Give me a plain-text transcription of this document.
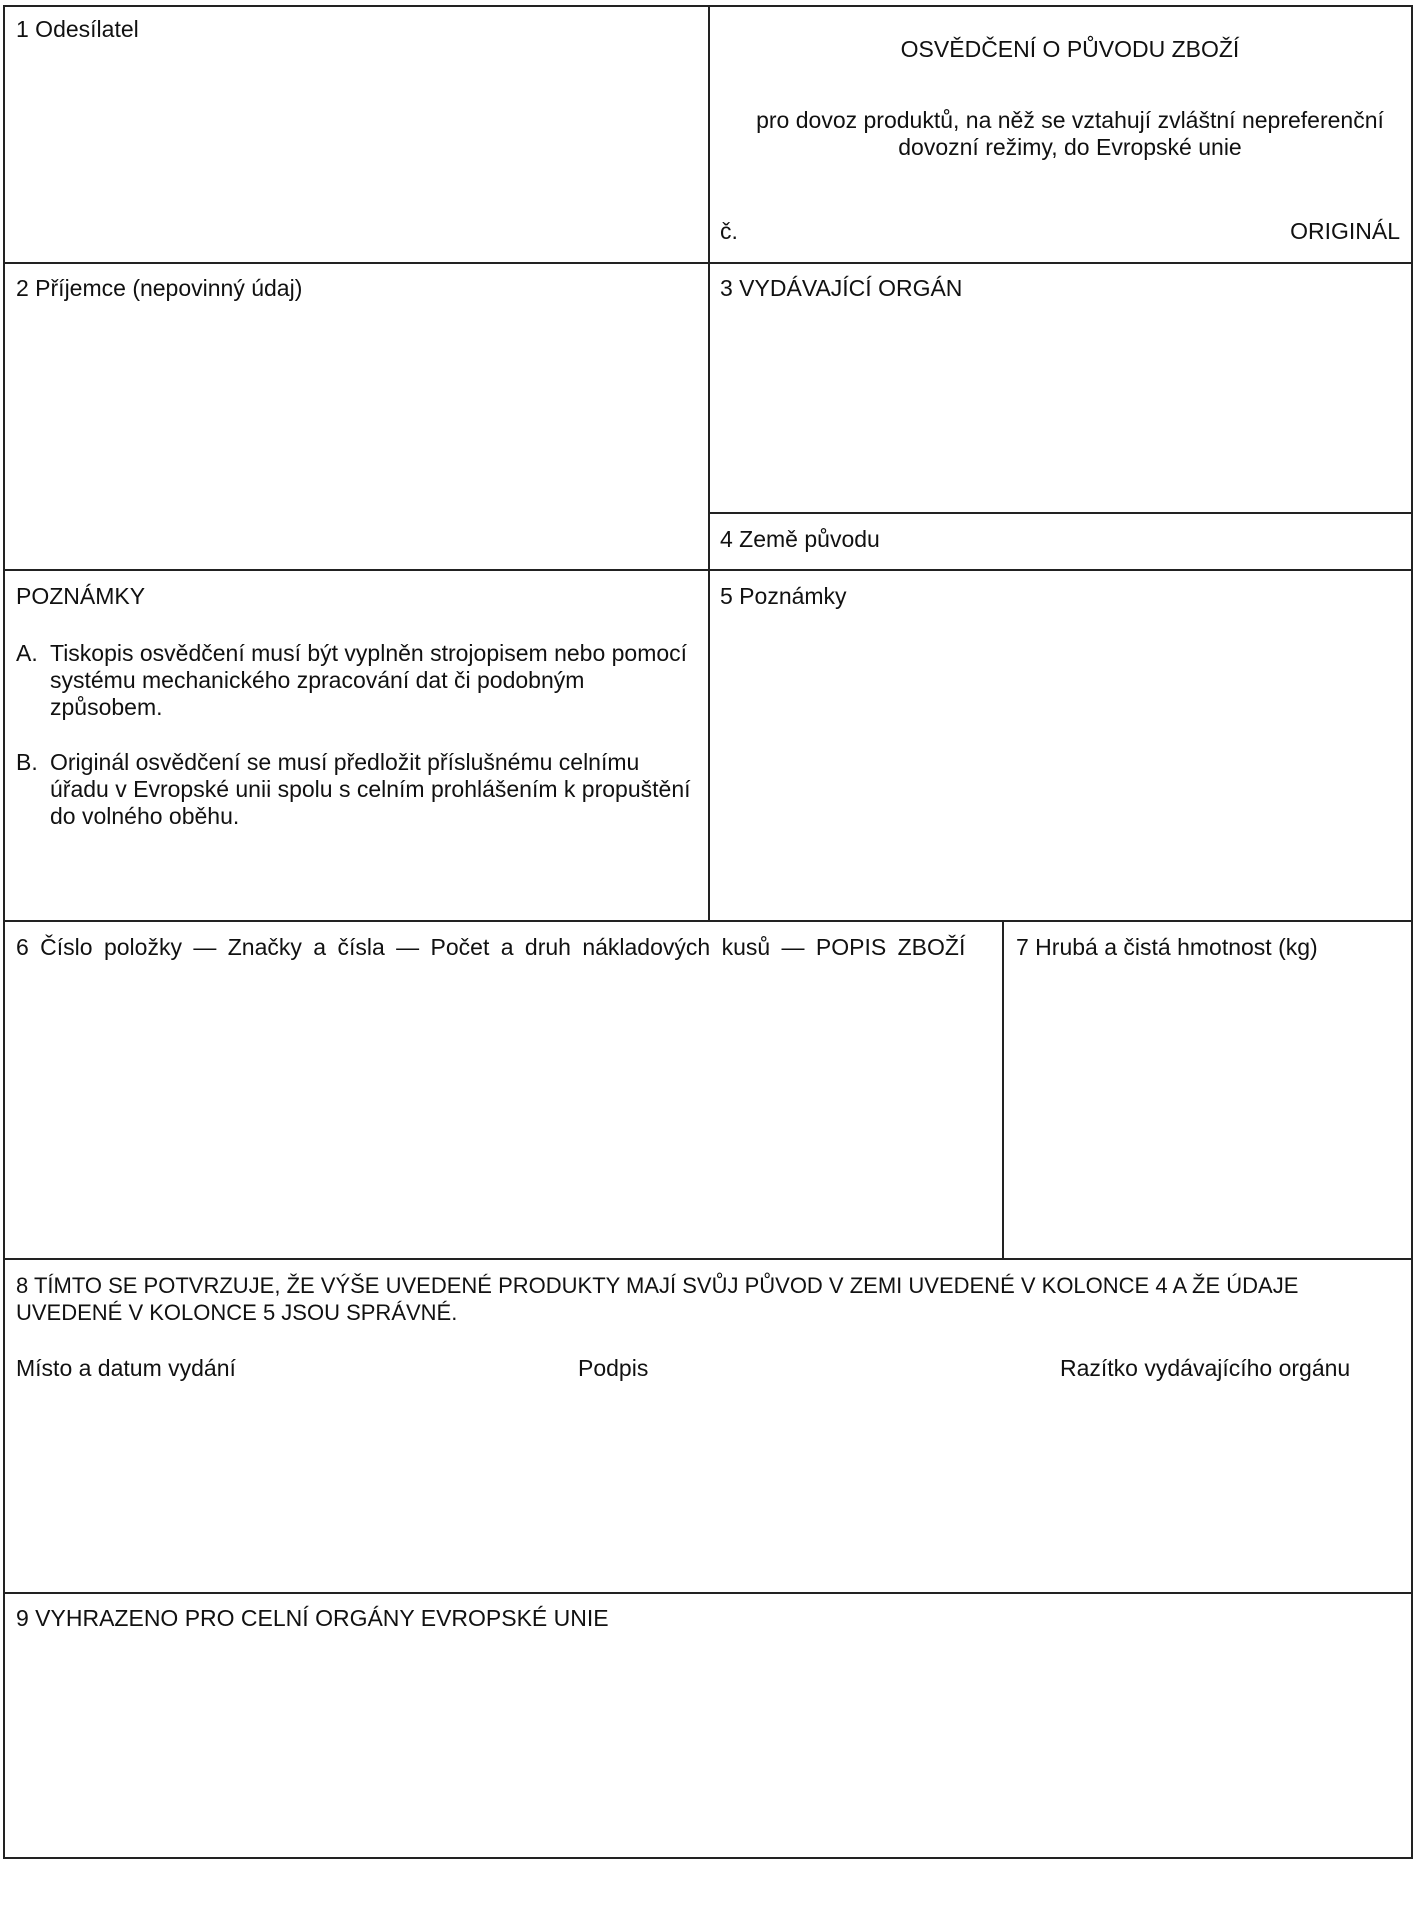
1 Odesílatel
OSVĚDČENÍ O PŮVODU ZBOŽÍ
pro dovoz produktů, na něž se vztahují zvláštní nepreferenční
dovozní režimy, do Evropské unie
č.	ORIGINÁL
2 Příjemce (nepovinný údaj)	3 VYDÁVAJÍCÍ ORGÁN
4 Země původu
POZNÁMKY
A. Tiskopis osvědčení musí být vyplněn strojopisem nebo pomocí systému mechanického zpracování dat či podobným způsobem.
B. Originál osvědčení se musí předložit příslušnému celnímu úřadu v Evropské unii spolu s celním prohlášením k propuštění do volného oběhu.
5 Poznámky
6 Číslo položky — Značky a čísla — Počet a druh nákladových kusů — POPIS ZBOŽÍ 7 Hrubá a čistá hmotnost (kg)
8 TÍMTO SE POTVRZUJE, ŽE VÝŠE UVEDENÉ PRODUKTY MAJÍ SVŮJ PŮVOD V ZEMI UVEDENÉ V KOLONCE 4 A ŽE ÚDAJE
UVEDENÉ V KOLONCE 5 JSOU SPRÁVNÉ.
Místo a datum vydání	Podpis	Razítko vydávajícího orgánu
9 VYHRAZENO PRO CELNÍ ORGÁNY EVROPSKÉ UNIE
